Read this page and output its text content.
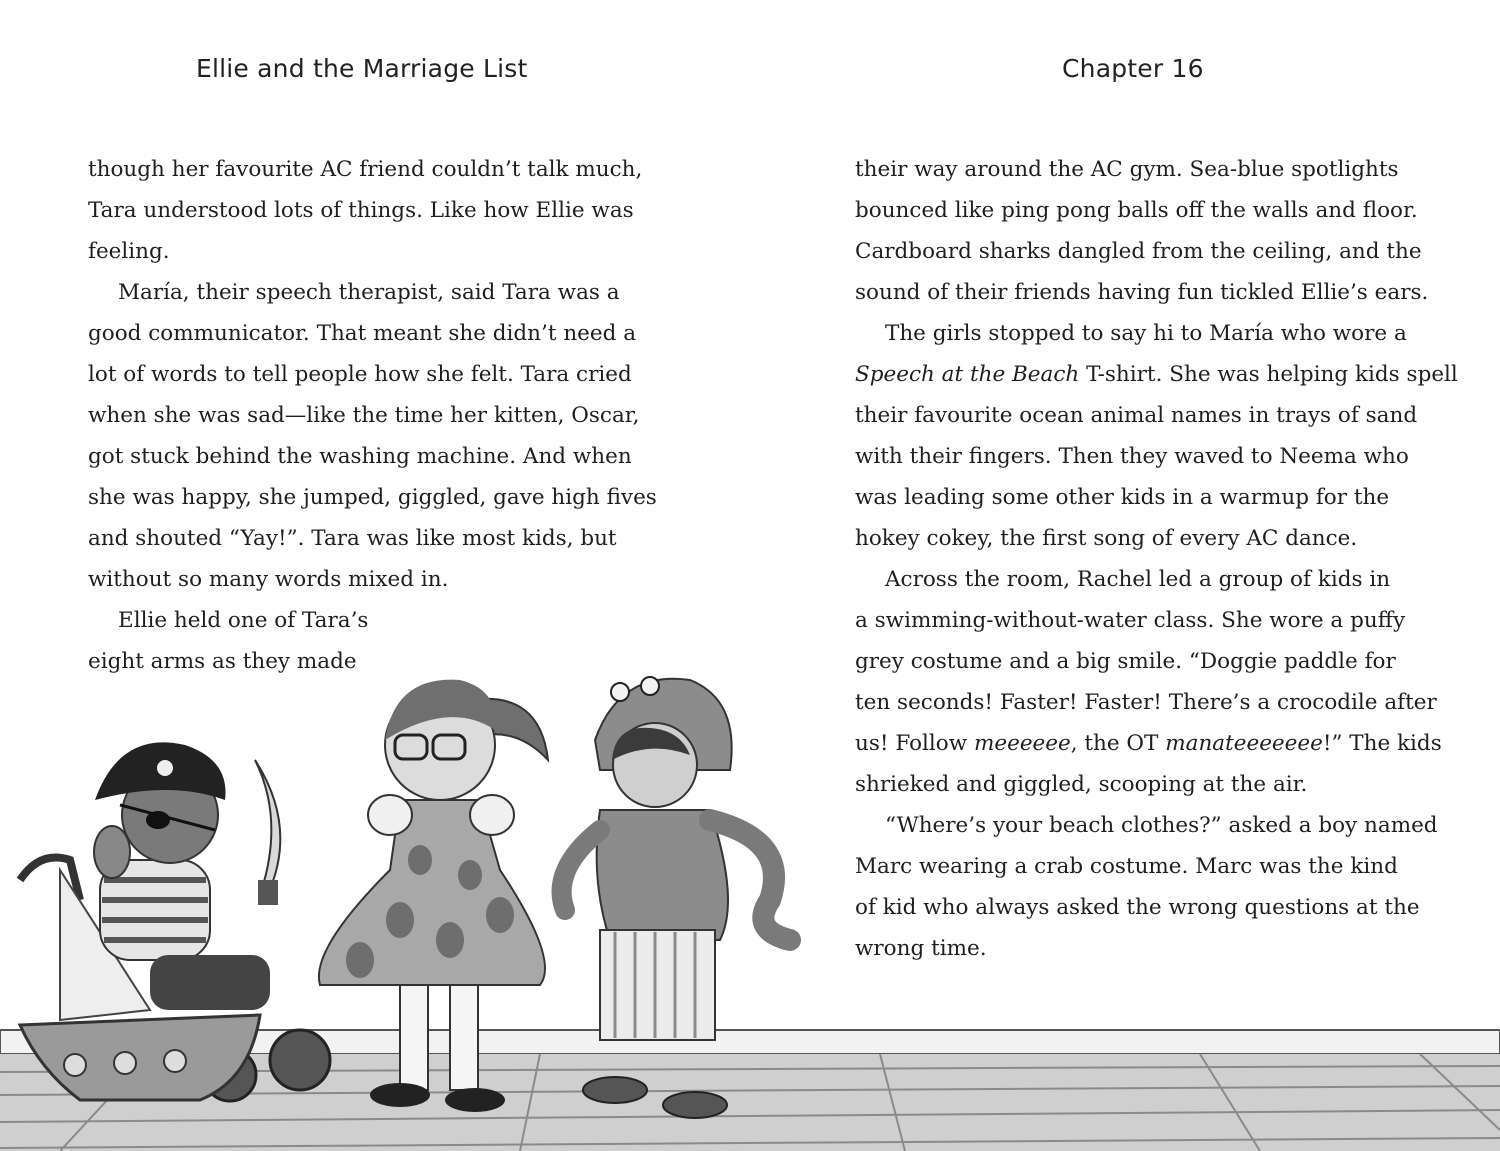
Ellie and the Marriage List	Chapter 16
though her favourite AC friend couldn’t talk much,
Tara understood lots of things. Like how Ellie was
feeling.
María, their speech therapist, said Tara was a
good communicator. That meant she didn’t need a
lot of words to tell people how she felt. Tara cried
when she was sad—like the time her kitten, Oscar,
got stuck behind the washing machine. And when
she was happy, she jumped, giggled, gave high fives
and shouted “Yay!”. Tara was like most kids, but
without so many words mixed in.
Ellie held one of Tara’s
eight arms as they made
their way around the AC gym. Sea-blue spotlights
bounced like ping pong balls off the walls and floor.
Cardboard sharks dangled from the ceiling, and the
sound of their friends having fun tickled Ellie’s ears.
The girls stopped to say hi to María who wore a
Speech at the Beach T-shirt. She was helping kids spell
their favourite ocean animal names in trays of sand
with their fingers. Then they waved to Neema who
was leading some other kids in a warmup for the
hokey cokey, the first song of every AC dance.
Across the room, Rachel led a group of kids in
a swimming-without-water class. She wore a puffy
grey costume and a big smile. “Doggie paddle for
ten seconds! Faster! Faster! There’s a crocodile after
us! Follow meeeeee, the OT manateeeeeee!” The kids
shrieked and giggled, scooping at the air.
“Where’s your beach clothes?” asked a boy named
Marc wearing a crab costume. Marc was the kind
of kid who always asked the wrong questions at the
wrong time.
